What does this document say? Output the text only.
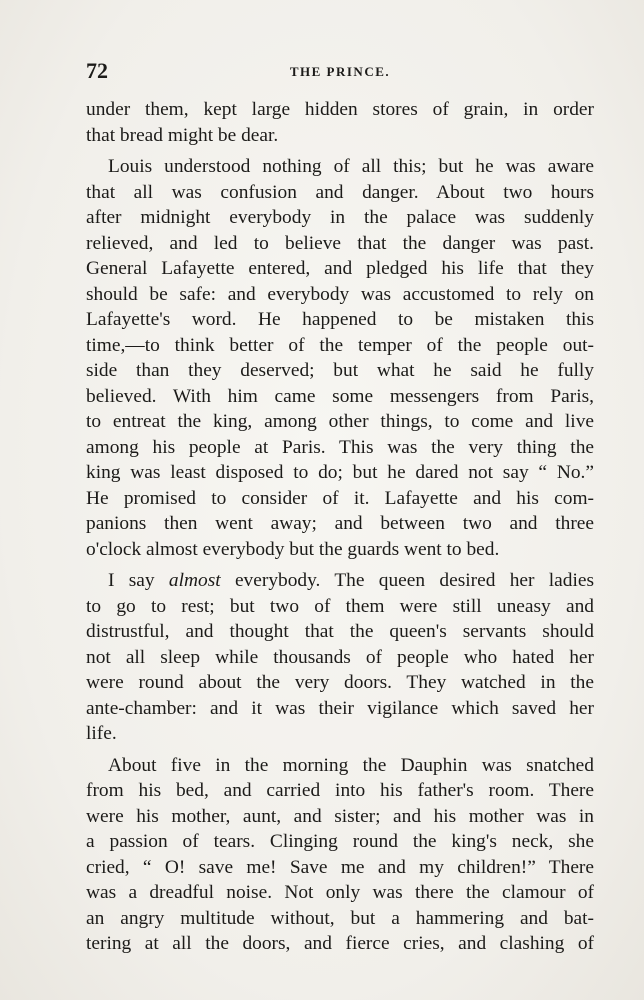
72	THE PRINCE.
under them, kept large hidden stores of grain, in order
that bread might be dear.
Louis understood nothing of all this; but he was aware
that all was confusion and danger. About two hours
after midnight everybody in the palace was suddenly
relieved, and led to believe that the danger was past.
General Lafayette entered, and pledged his life that they
should be safe: and everybody was accustomed to rely on
Lafayette's word. He happened to be mistaken this
time,—to think better of the temper of the people out-
side than they deserved; but what he said he fully
believed. With him came some messengers from Paris,
to entreat the king, among other things, to come and live
among his people at Paris. This was the very thing the
king was least disposed to do; but he dared not say “ No.”
He promised to consider of it. Lafayette and his com-
panions then went away; and between two and three
o'clock almost everybody but the guards went to bed.
I say almost everybody. The queen desired her ladies
to go to rest; but two of them were still uneasy and
distrustful, and thought that the queen's servants should
not all sleep while thousands of people who hated her
were round about the very doors. They watched in the
ante-chamber: and it was their vigilance which saved her
life.
About five in the morning the Dauphin was snatched
from his bed, and carried into his father's room. There
were his mother, aunt, and sister; and his mother was in
a passion of tears. Clinging round the king's neck, she
cried, “ O! save me! Save me and my children!” There
was a dreadful noise. Not only was there the clamour of
an angry multitude without, but a hammering and bat-
tering at all the doors, and fierce cries, and clashing of
